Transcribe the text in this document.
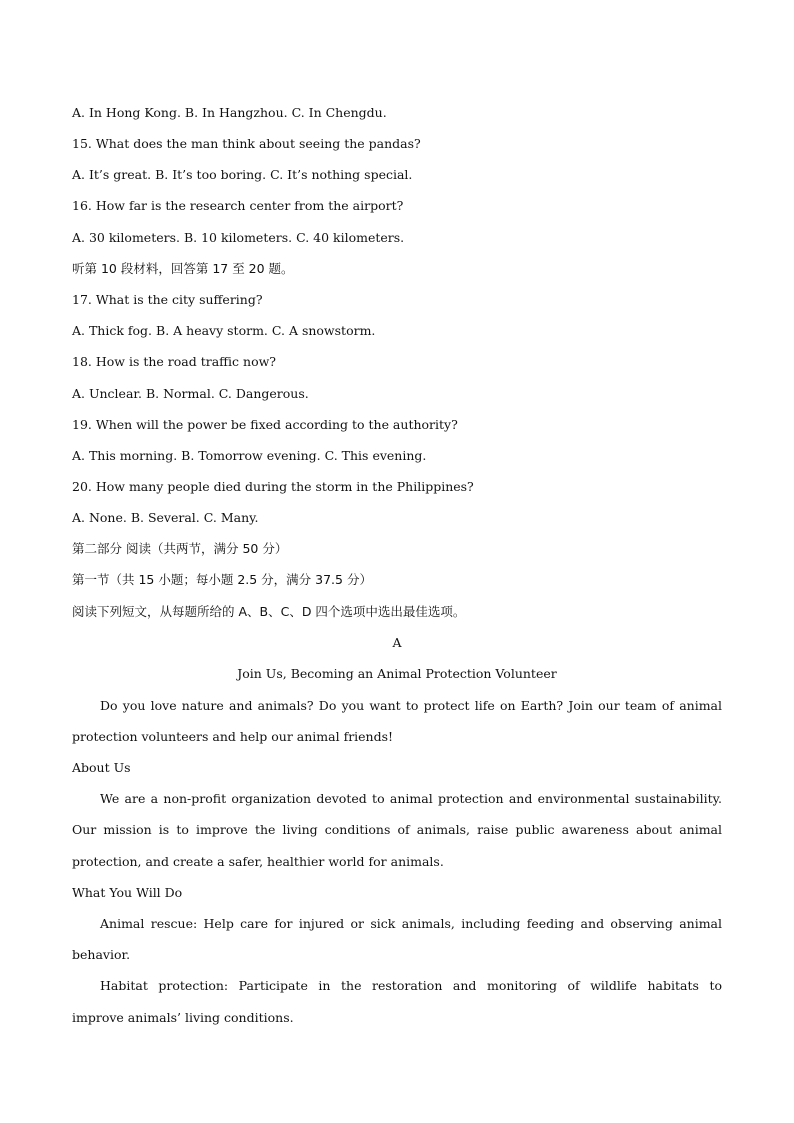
A. In Hong Kong. B. In Hangzhou. C. In Chengdu.
15. What does the man think about seeing the pandas?
A. It’s great. B. It’s too boring. C. It’s nothing special.
16. How far is the research center from the airport?
A. 30 kilometers. B. 10 kilometers. C. 40 kilometers.
听第 10 段材料，回答第 17 至 20 题。
17. What is the city suffering?
A. Thick fog. B. A heavy storm. C. A snowstorm.
18. How is the road traffic now?
A. Unclear. B. Normal. C. Dangerous.
19. When will the power be fixed according to the authority?
A. This morning. B. Tomorrow evening. C. This evening.
20. How many people died during the storm in the Philippines?
A. None. B. Several. C. Many.
第二部分 阅读（共两节，满分 50 分）
第一节（共 15 小题；每小题 2.5 分，满分 37.5 分）
阅读下列短文，从每题所给的 A、B、C、D 四个选项中选出最佳选项。
A
Join Us, Becoming an Animal Protection Volunteer
Do you love nature and animals? Do you want to protect life on Earth? Join our team of animal
protection volunteers and help our animal friends!
About Us
We are a non-profit organization devoted to animal protection and environmental sustainability.
Our mission is to improve the living conditions of animals, raise public awareness about animal
protection, and create a safer, healthier world for animals.
What You Will Do
Animal rescue: Help care for injured or sick animals, including feeding and observing animal
behavior.
Habitat protection: Participate in the restoration and monitoring of wildlife habitats to
improve animals’ living conditions.
